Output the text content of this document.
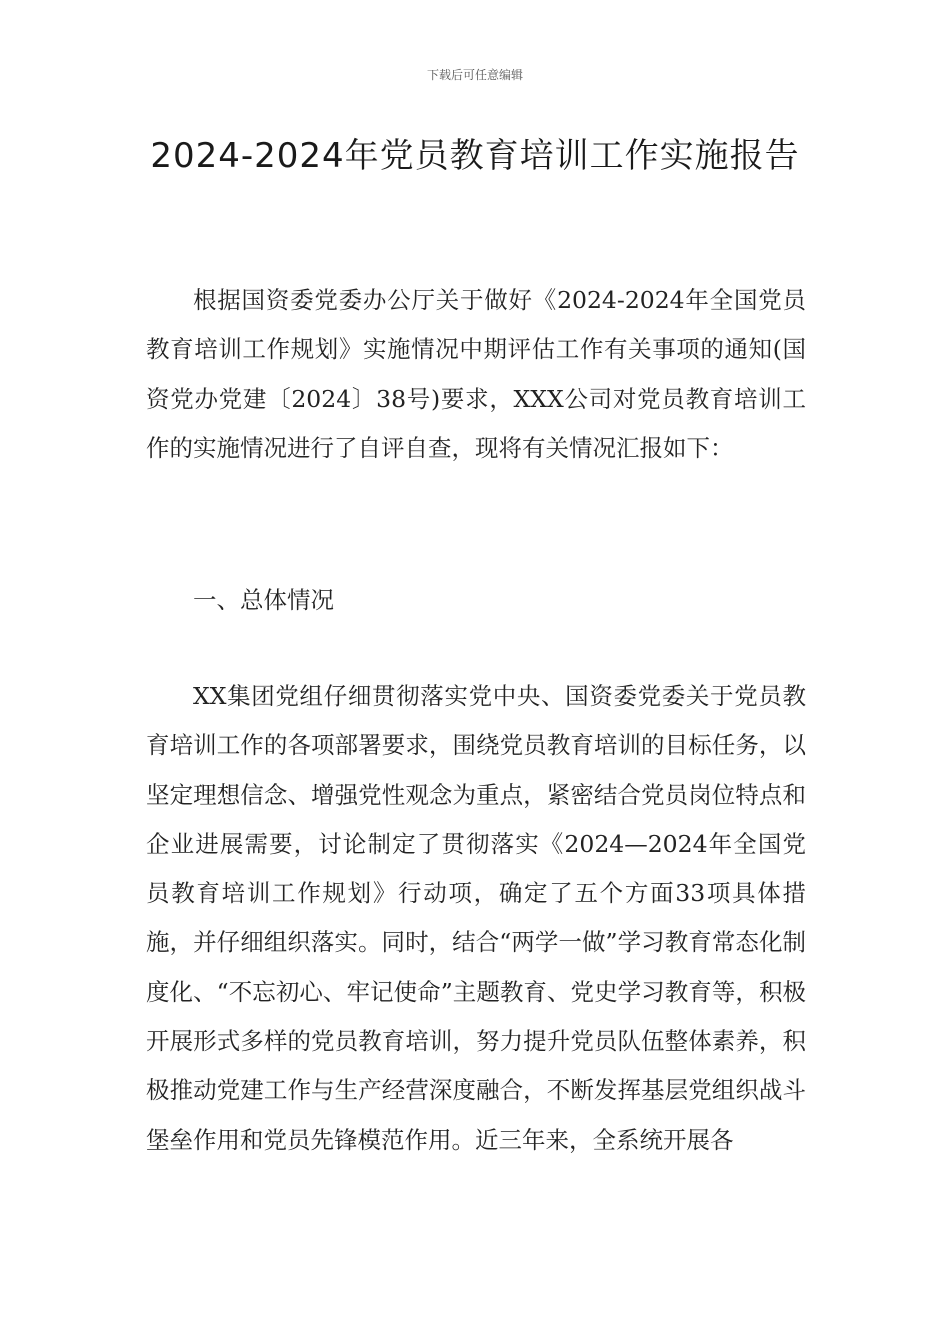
下载后可任意编辑
2024-2024年党员教育培训工作实施报告

根据国资委党委办公厅关于做好《2024-2024年全国党员教育培训工作规划》实施情况中期评估工作有关事项的通知(国资党办党建〔2024〕38号)要求，XXX公司对党员教育培训工作的实施情况进行了自评自查，现将有关情况汇报如下：

一、总体情况

XX集团党组仔细贯彻落实党中央、国资委党委关于党员教育培训工作的各项部署要求，围绕党员教育培训的目标任务，以坚定理想信念、增强党性观念为重点，紧密结合党员岗位特点和企业进展需要，讨论制定了贯彻落实《2024—2024年全国党员教育培训工作规划》行动项，确定了五个方面33项具体措施，并仔细组织落实。同时，结合“两学一做”学习教育常态化制度化、“不忘初心、牢记使命”主题教育、党史学习教育等，积极开展形式多样的党员教育培训，努力提升党员队伍整体素养，积极推动党建工作与生产经营深度融合，不断发挥基层党组织战斗堡垒作用和党员先锋模范作用。近三年来，全系统开展各
